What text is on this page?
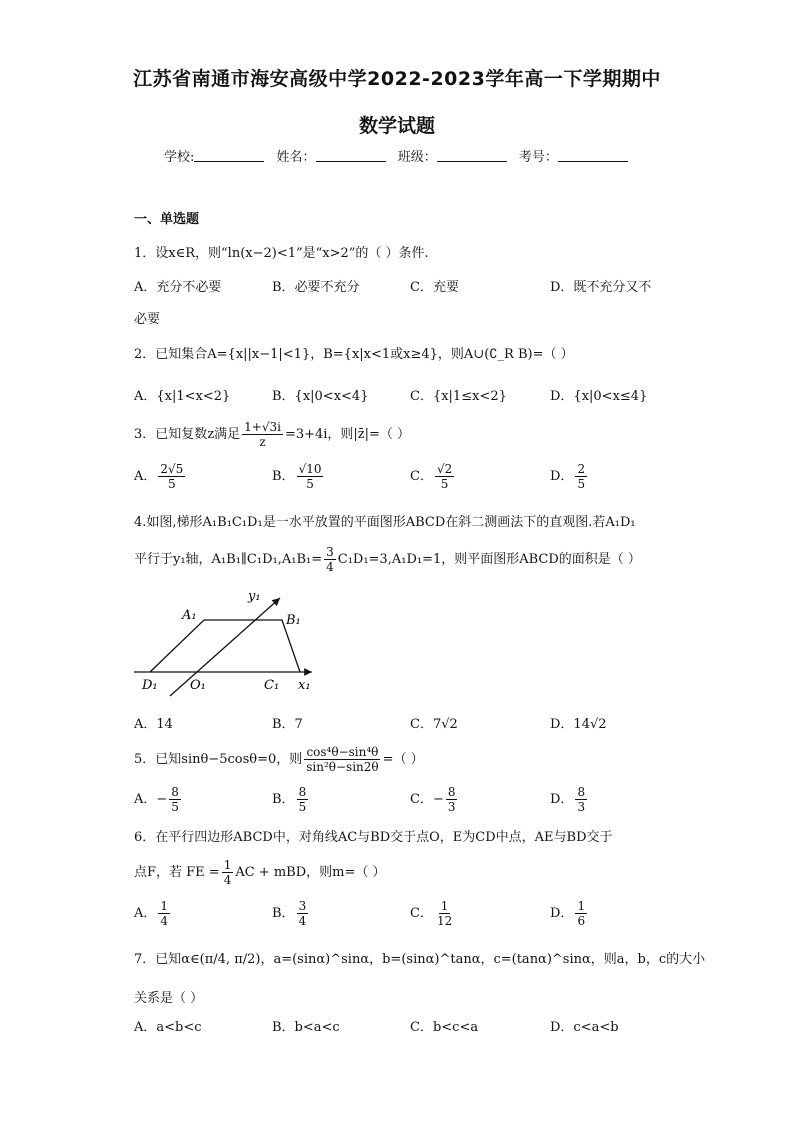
江苏省南通市海安高级中学2022-2023学年高一下学期期中
数学试题
学校:	姓名：	班级：	考号：
一、单选题
1．设x∈R，则“ln(x−2)<1”是“x>2”的（ ）条件.
A．充分不必要	B．必要不充分	C．充要	D．既不充分又不
必要
2．已知集合A={x||x−1|<1}，B={x|x<1或x≥4}，则A∪(∁_R B)=（ ）
A．{x|1<x<2}	B．{x|0<x<4}	C．{x|1≤x<2}	D．{x|0<x≤4}
3．已知复数z满足 $\frac{1+√3i}{z} =3+4i$，则|z̄|=（ ）
A． $\frac{2√5}{5}$	B． $\frac{√10}{5}$	C． $\frac{√2}{5}$	D． $\frac{2}{5}$
4.如图,梯形A₁B₁C₁D₁是一水平放置的平面图形ABCD在斜二测画法下的直观图.若A₁D₁
平行于y₁轴，A₁B₁∥C₁D₁,A₁B₁= $\frac{3}{4} C_1D_1=3,A_1D_1=1$，则平面图形ABCD的面积是（ ）
y₁
A₁	B₁
C₁
D₁ O₁	x₁
A．14	B．7	C．7√2	D．14√2
5．已知sinθ−5cosθ=0，则 $\frac{\text{cos⁴θ−sin⁴θ}}{\text{sin²θ−sin2θ}}$ =（ ）
A．− $\frac{8}{5}$	B． $\frac{8}{5}$	C．− $\frac{8}{3}$	D． $\frac{8}{3}$
6．在平行四边形ABCD中，对角线AC与BD交于点O，E为CD中点，AE与BD交于
点F，若 FE = $\frac{1}{4}$ AC + mBD，则m=（ ）
A． $\frac{1}{4}$	B． $\frac{3}{4}$	C． $\frac{1}{12}$	D． $\frac{1}{6}$
7．已知α∈(π/4, π/2)，a=(sinα)^sinα，b=(sinα)^tanα，c=(tanα)^sinα，则a，b，c的大小
关系是（ ）
A．a<b<c	B．b<a<c	C．b<c<a	D．c<a<b
